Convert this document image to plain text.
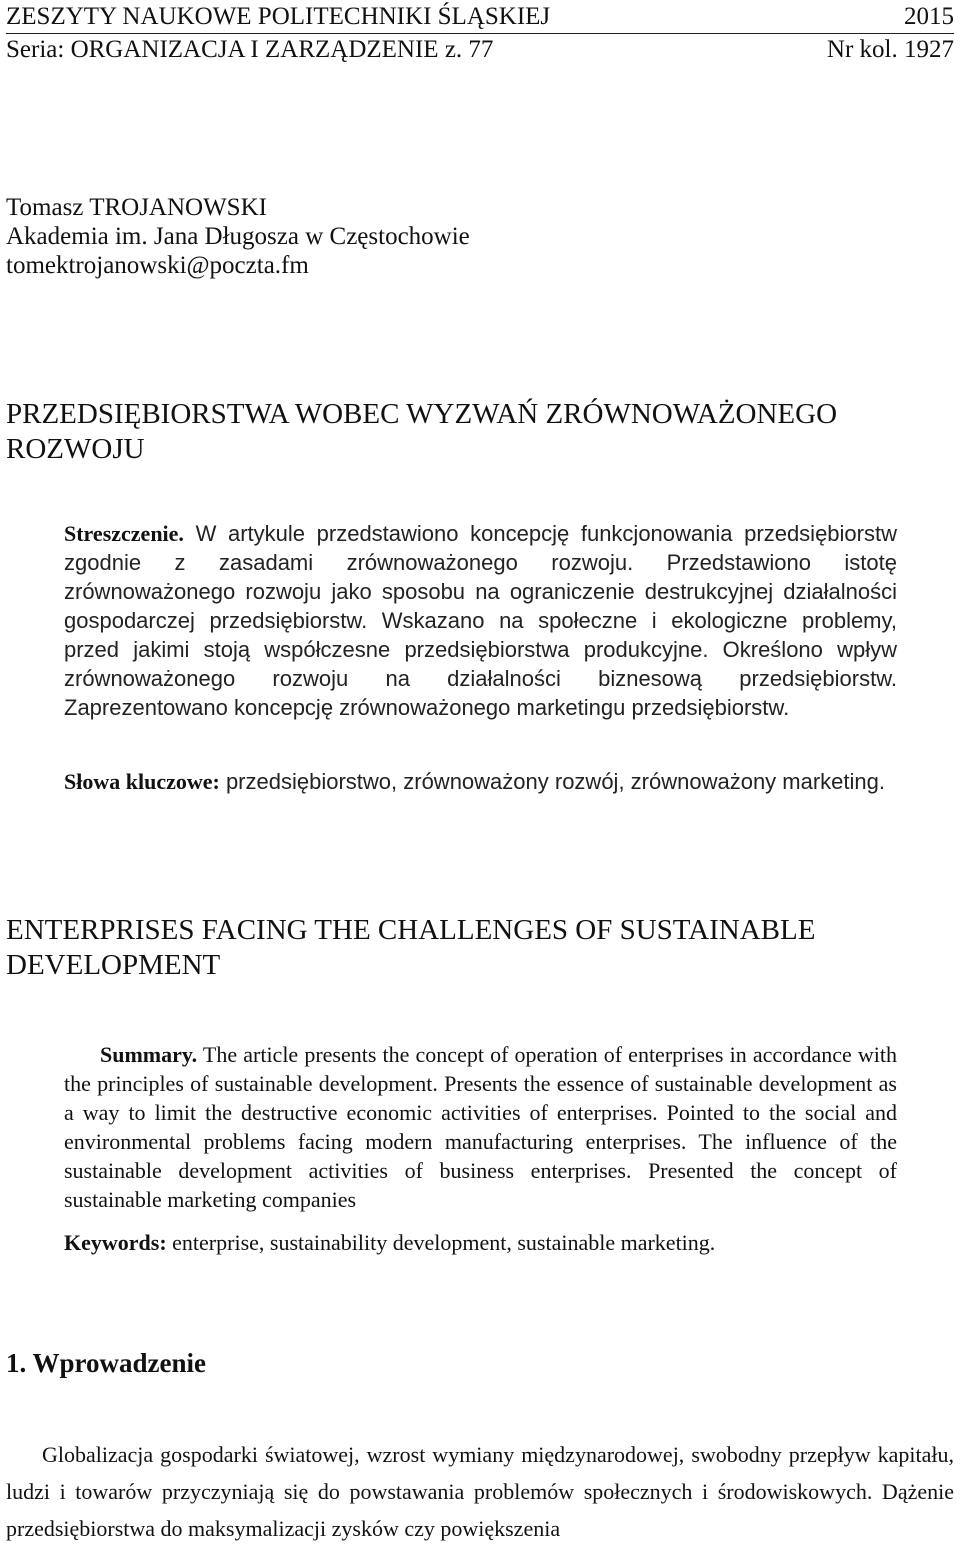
ZESZYTY NAUKOWE POLITECHNIKI ŚLĄSKIEJ	2015
Seria: ORGANIZACJA I ZARZĄDZENIE z. 77	Nr kol. 1927
Tomasz TROJANOWSKI
Akademia im. Jana Długosza w Częstochowie
tomektrojanowski@poczta.fm
PRZEDSIĘBIORSTWA WOBEC WYZWAŃ ZRÓWNOWAŻONEGO ROZWOJU
Streszczenie. W artykule przedstawiono koncepcję funkcjonowania przedsiębiorstw zgodnie z zasadami zrównoważonego rozwoju. Przedstawiono istotę zrównoważonego rozwoju jako sposobu na ograniczenie destrukcyjnej działalności gospodarczej przedsiębiorstw. Wskazano na społeczne i ekologiczne problemy, przed jakimi stoją współczesne przedsiębiorstwa produkcyjne. Określono wpływ zrównoważonego rozwoju na działalności biznesową przedsiębiorstw. Zaprezentowano koncepcję zrównoważonego marketingu przedsiębiorstw.
Słowa kluczowe: przedsiębiorstwo, zrównoważony rozwój, zrównoważony marketing.
ENTERPRISES FACING THE CHALLENGES OF SUSTAINABLE DEVELOPMENT
Summary. The article presents the concept of operation of enterprises in accordance with the principles of sustainable development. Presents the essence of sustainable development as a way to limit the destructive economic activities of enterprises. Pointed to the social and environmental problems facing modern manufacturing enterprises. The influence of the sustainable development activities of business enterprises. Presented the concept of sustainable marketing companies
Keywords: enterprise, sustainability development, sustainable marketing.
1. Wprowadzenie
Globalizacja gospodarki światowej, wzrost wymiany międzynarodowej, swobodny przepływ kapitału, ludzi i towarów przyczyniają się do powstawania problemów społecznych i środowiskowych. Dążenie przedsiębiorstwa do maksymalizacji zysków czy powiększenia
